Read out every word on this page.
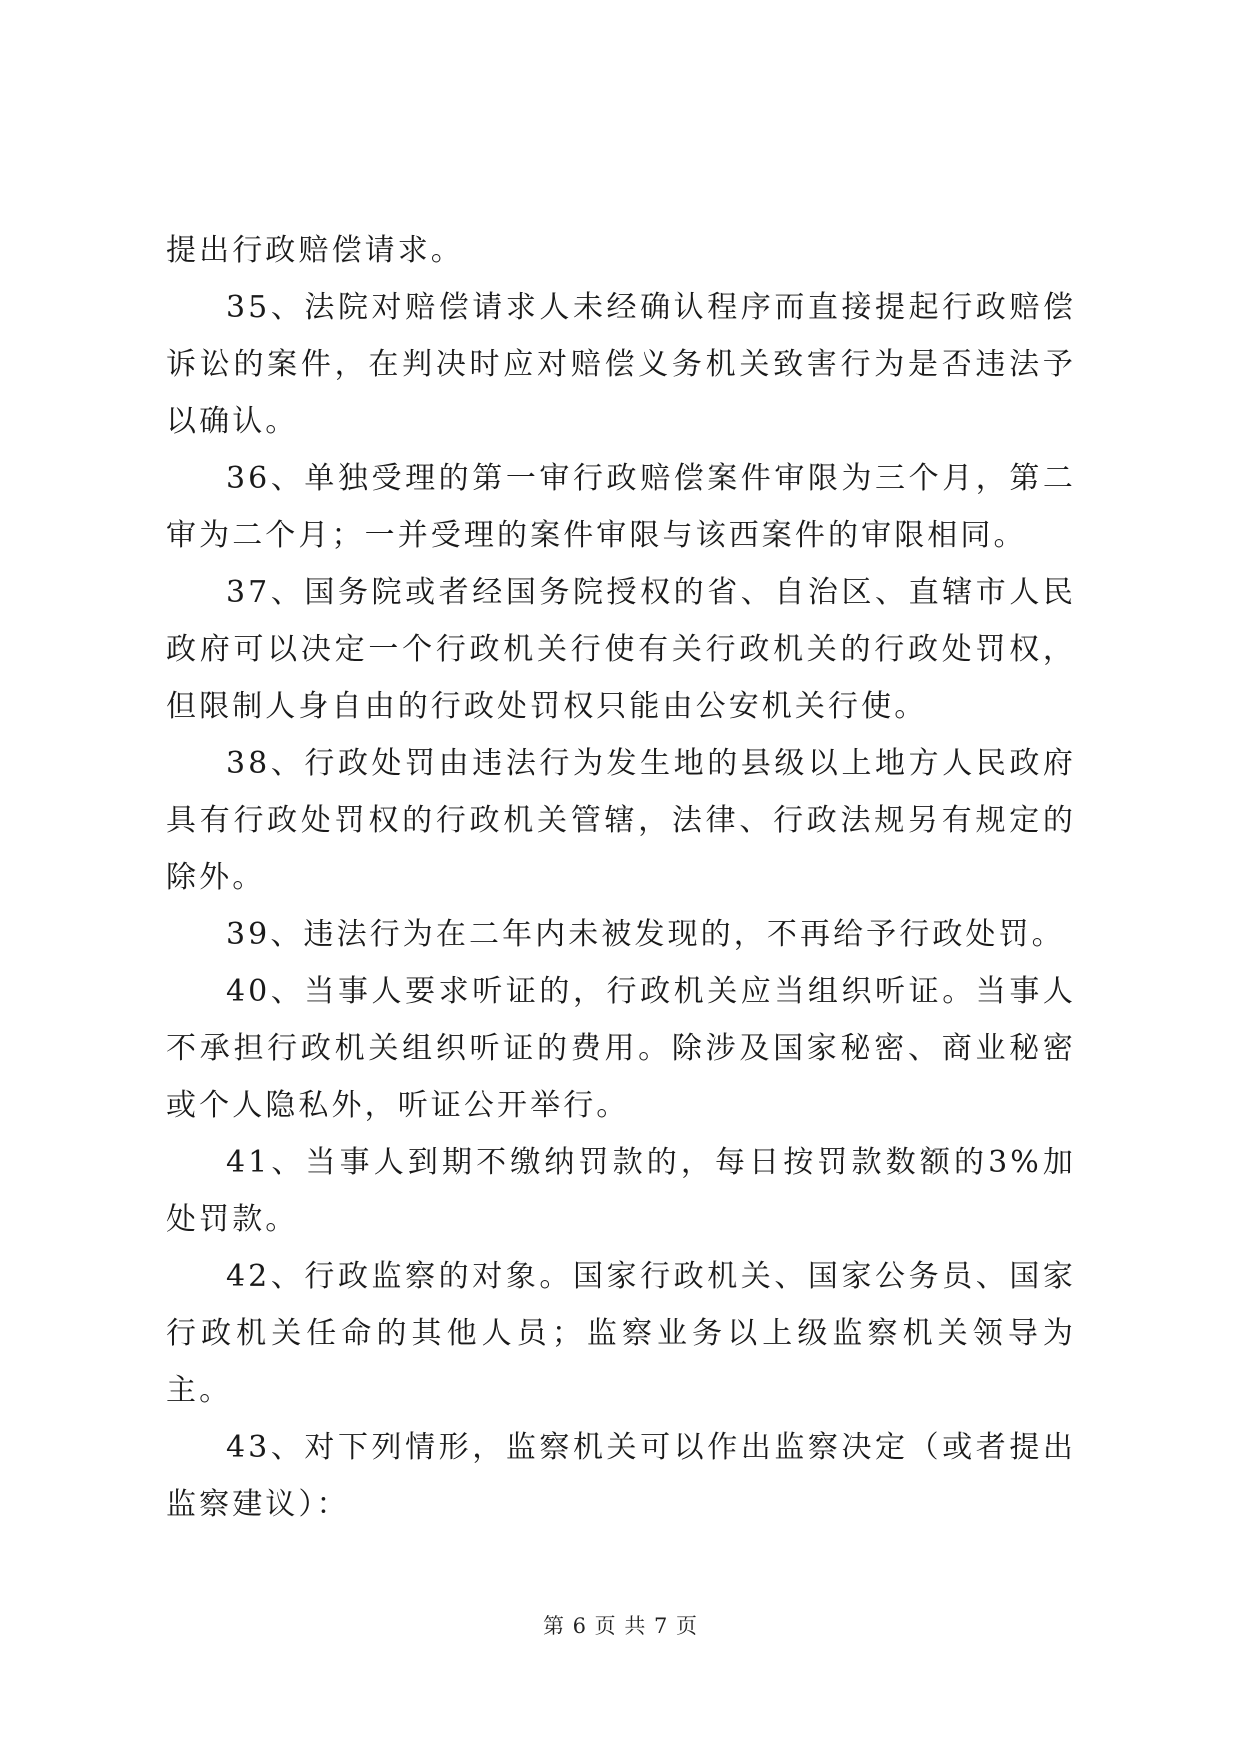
提出行政赔偿请求。

35、法院对赔偿请求人未经确认程序而直接提起行政赔偿诉讼的案件，在判决时应对赔偿义务机关致害行为是否违法予以确认。

36、单独受理的第一审行政赔偿案件审限为三个月，第二审为二个月；一并受理的案件审限与该西案件的审限相同。

37、国务院或者经国务院授权的省、自治区、直辖市人民政府可以决定一个行政机关行使有关行政机关的行政处罚权，但限制人身自由的行政处罚权只能由公安机关行使。

38、行政处罚由违法行为发生地的县级以上地方人民政府具有行政处罚权的行政机关管辖，法律、行政法规另有规定的除外。

39、违法行为在二年内未被发现的，不再给予行政处罚。

40、当事人要求听证的，行政机关应当组织听证。当事人不承担行政机关组织听证的费用。除涉及国家秘密、商业秘密或个人隐私外，听证公开举行。

41、当事人到期不缴纳罚款的，每日按罚款数额的3%加处罚款。

42、行政监察的对象。国家行政机关、国家公务员、国家行政机关任命的其他人员；监察业务以上级监察机关领导为主。

43、对下列情形，监察机关可以作出监察决定（或者提出监察建议）：

第 6 页 共 7 页
